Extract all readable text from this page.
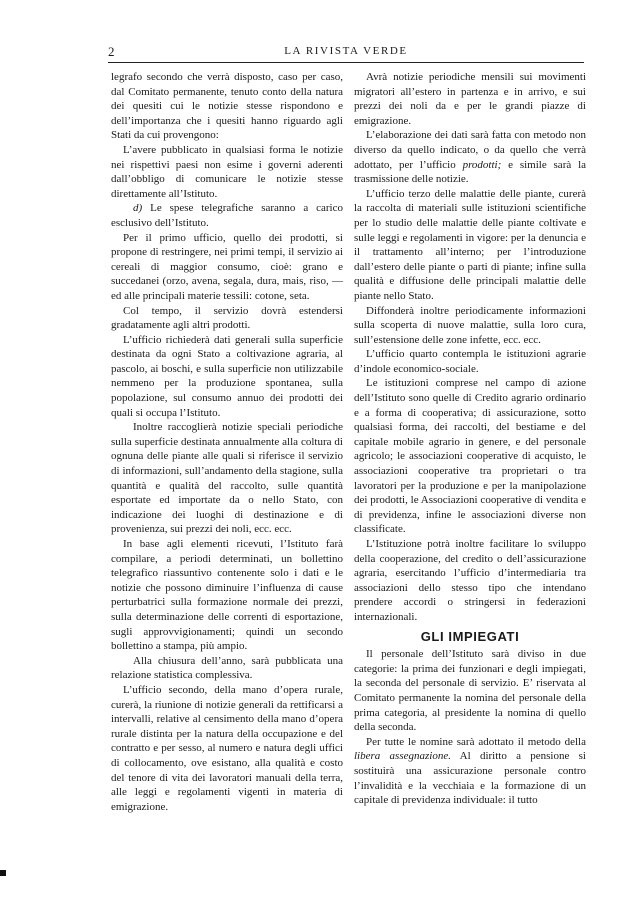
2	LA RIVISTA VERDE

legrafo secondo che verrà disposto, caso per caso, dal Comitato permanente, tenuto conto della natura dei quesiti cui le notizie stesse rispondono e dell’importanza che i quesiti hanno riguardo agli Stati da cui provengono:

L’avere pubblicato in qualsiasi forma le notizie nei rispettivi paesi non esime i governi aderenti dall’obbligo di comunicare le notizie stesse direttamente all’Istituto.

d) Le spese telegrafiche saranno a carico esclusivo dell’Istituto.

Per il primo ufficio, quello dei prodotti, si propone di restringere, nei primi tempi, il servizio ai cereali di maggior consumo, cioè: grano e succedanei (orzo, avena, segala, dura, mais, riso, — ed alle principali materie tessili: cotone, seta.

Col tempo, il servizio dovrà estendersi gradatamente agli altri prodotti.

L’ufficio richiederà dati generali sulla superficie destinata da ogni Stato a coltivazione agraria, al pascolo, ai boschi, e sulla superficie non utilizzabile nemmeno per la produzione spontanea, sulla popolazione, sul consumo annuo dei prodotti dei quali si occupa l’Istituto.

Inoltre raccoglierà notizie speciali periodiche sulla superficie destinata annualmente alla coltura di ognuna delle piante alle quali si riferisce il servizio di informazioni, sull’andamento della stagione, sulla quantità e qualità del raccolto, sulle quantità esportate ed importate da o nello Stato, con indicazione dei luoghi di destinazione e di provenienza, sui prezzi dei noli, ecc. ecc.

In base agli elementi ricevuti, l’Istituto farà compilare, a periodi determinati, un bollettino telegrafico riassuntivo contenente solo i dati e le notizie che possono diminuire l’influenza di cause perturbatrici sulla formazione normale dei prezzi, sulla determinazione delle correnti di esportazione, sugli approvvigionamenti; quindi un secondo bollettino a stampa, più ampio.

Alla chiusura dell’anno, sarà pubblicata una relazione statistica complessiva.

L’ufficio secondo, della mano d’opera rurale, curerà, la riunione di notizie generali da rettificarsi a intervalli, relative al censimento della mano d’opera rurale distinta per la natura della occupazione e del contratto e per sesso, al numero e natura degli uffici di collocamento, ove esistano, alla qualità e costo del tenore di vita dei lavoratori manuali della terra, alle leggi e regolamenti vigenti in materia di emigrazione.

Avrà notizie periodiche mensili sui movimenti migratori all’estero in partenza e in arrivo, e sui prezzi dei noli da e per le grandi piazze di emigrazione.

L’elaborazione dei dati sarà fatta con metodo non diverso da quello indicato, o da quello che verrà adottato, per l’ufficio prodotti; e simile sarà la trasmissione delle notizie.

L’ufficio terzo delle malattie delle piante, curerà la raccolta di materiali sulle istituzioni scientifiche per lo studio delle malattie delle piante coltivate e sulle leggi e regolamenti in vigore: per la denuncia e il trattamento all’interno; per l’introduzione dall’estero delle piante o parti di piante; infine sulla qualità e diffusione delle principali malattie delle piante nello Stato.

Diffonderà inoltre periodicamente informazioni sulla scoperta di nuove malattie, sulla loro cura, sull’estensione delle zone infette, ecc. ecc.

L’ufficio quarto contempla le istituzioni agrarie d’indole economico-sociale.

Le istituzioni comprese nel campo di azione dell’Istituto sono quelle di Credito agrario ordinario e a forma di cooperativa; di assicurazione, sotto qualsiasi forma, dei raccolti, del bestiame e del capitale mobile agrario in genere, e del personale agricolo; le associazioni cooperative di acquisto, le associazioni cooperative tra proprietari o tra lavoratori per la produzione e per la manipolazione dei prodotti, le Associazioni cooperative di vendita e di previdenza, infine le associazioni diverse non classificate.

L’Istituzione potrà inoltre facilitare lo sviluppo della cooperazione, del credito o dell’assicurazione agraria, esercitando l’ufficio d’intermediaria tra associazioni dello stesso tipo che intendano prendere accordi o stringersi in federazioni internazionali.

GLI IMPIEGATI

Il personale dell’Istituto sarà diviso in due categorie: la prima dei funzionari e degli impiegati, la seconda del personale di servizio. E’ riservata al Comitato permanente la nomina del personale della prima categoria, al presidente la nomina di quello della seconda.

Per tutte le nomine sarà adottato il metodo della libera assegnazione. Al diritto a pensione si sostituirà una assicurazione personale contro l’invalidità e la vecchiaia e la formazione di un capitale di previdenza individuale: il tutto
